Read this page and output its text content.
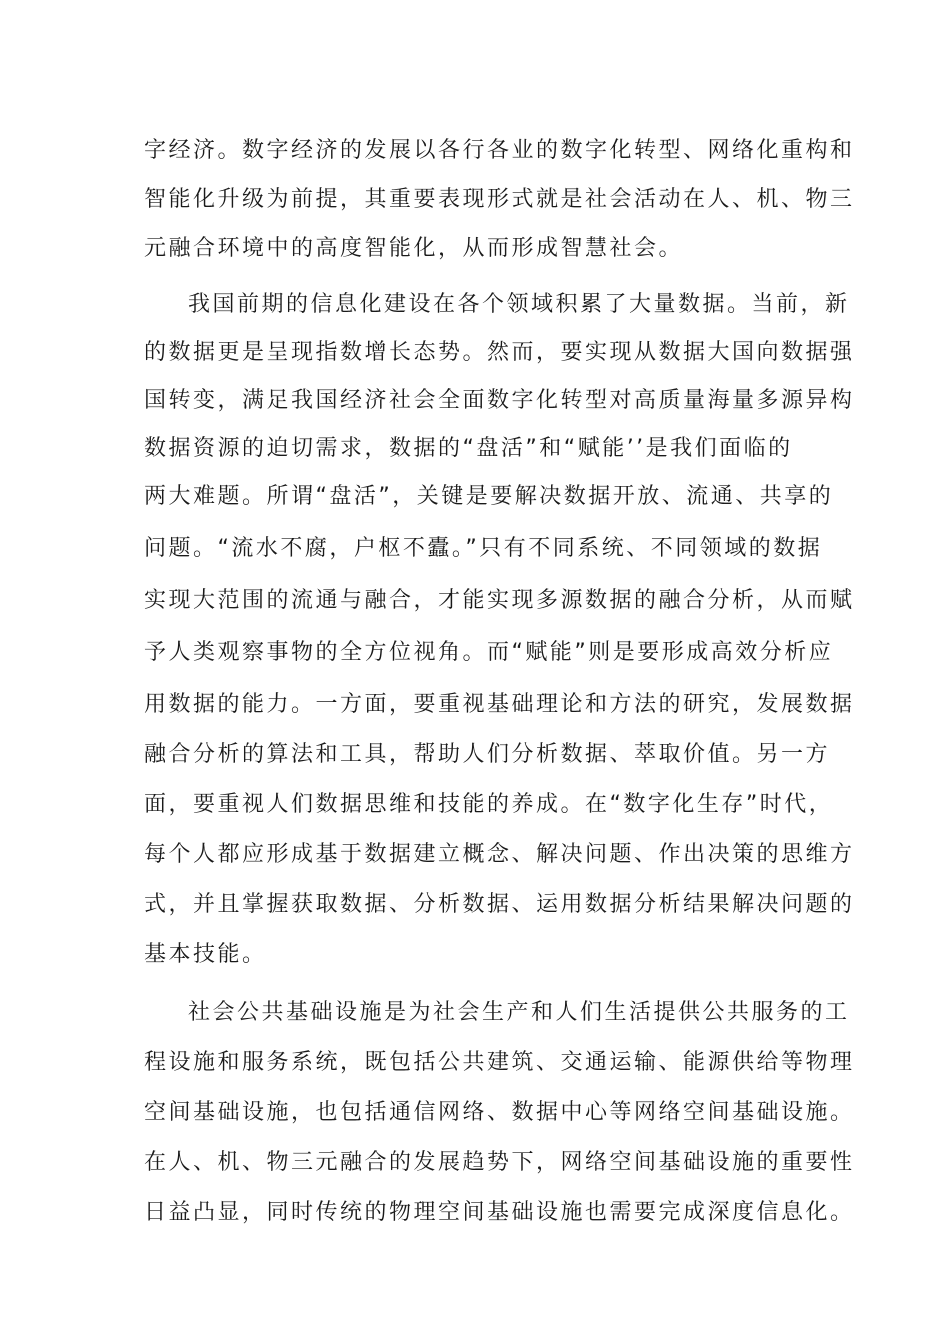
字经济。数字经济的发展以各行各业的数字化转型、网络化重构和
智能化升级为前提，其重要表现形式就是社会活动在人、机、物三
元融合环境中的高度智能化，从而形成智慧社会。
我国前期的信息化建设在各个领域积累了大量数据。当前，新
的数据更是呈现指数增长态势。然而，要实现从数据大国向数据强
国转变，满足我国经济社会全面数字化转型对高质量海量多源异构
数据资源的迫切需求，数据的“盘活”和“赋能’’是我们面临的
两大难题。所谓“盘活”，关键是要解决数据开放、流通、共享的
问题。“流水不腐，户枢不蠹。”只有不同系统、不同领域的数据
实现大范围的流通与融合，才能实现多源数据的融合分析，从而赋
予人类观察事物的全方位视角。而“赋能”则是要形成高效分析应
用数据的能力。一方面，要重视基础理论和方法的研究，发展数据
融合分析的算法和工具，帮助人们分析数据、萃取价值。另一方
面，要重视人们数据思维和技能的养成。在“数字化生存”时代，
每个人都应形成基于数据建立概念、解决问题、作出决策的思维方
式，并且掌握获取数据、分析数据、运用数据分析结果解决问题的
基本技能。
社会公共基础设施是为社会生产和人们生活提供公共服务的工
程设施和服务系统，既包括公共建筑、交通运输、能源供给等物理
空间基础设施，也包括通信网络、数据中心等网络空间基础设施。
在人、机、物三元融合的发展趋势下，网络空间基础设施的重要性
日益凸显，同时传统的物理空间基础设施也需要完成深度信息化。
